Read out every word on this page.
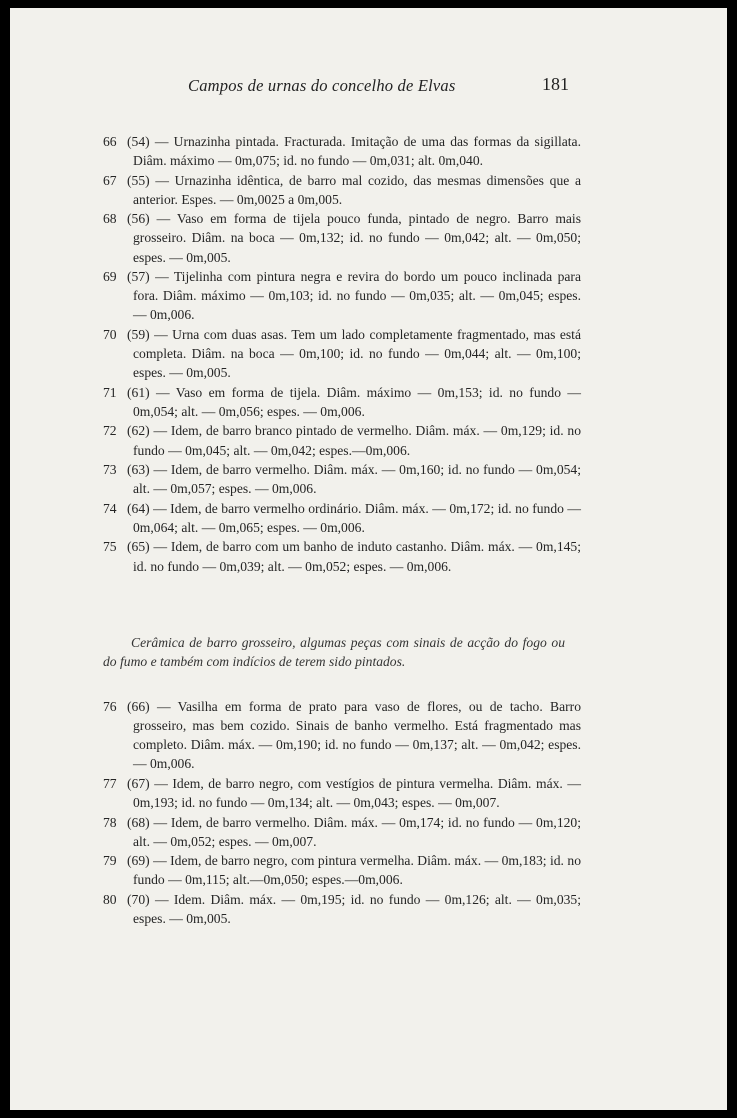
Campos de urnas do concelho de Elvas	181

66 (54) — Urnazinha pintada. Fracturada. Imitação de uma das formas da sigillata. Diâm. máximo — 0m,075; id. no fundo — 0m,031; alt. 0m,040.

67 (55) — Urnazinha idêntica, de barro mal cozido, das mesmas dimensões que a anterior. Espes. — 0m,0025 a 0m,005.

68 (56) — Vaso em forma de tijela pouco funda, pintado de negro. Barro mais grosseiro. Diâm. na boca — 0m,132; id. no fundo — 0m,042; alt. — 0m,050; espes. — 0m,005.

69 (57) — Tijelinha com pintura negra e revira do bordo um pouco inclinada para fora. Diâm. máximo — 0m,103; id. no fundo — 0m,035; alt. — 0m,045; espes. — 0m,006.

70 (59) — Urna com duas asas. Tem um lado completamente fragmentado, mas está completa. Diâm. na boca — 0m,100; id. no fundo — 0m,044; alt. — 0m,100; espes. — 0m,005.

71 (61) — Vaso em forma de tijela. Diâm. máximo — 0m,153; id. no fundo — 0m,054; alt. — 0m,056; espes. — 0m,006.

72 (62) — Idem, de barro branco pintado de vermelho. Diâm. máx. — 0m,129; id. no fundo — 0m,045; alt. — 0m,042; espes.—0m,006.

73 (63) — Idem, de barro vermelho. Diâm. máx. — 0m,160; id. no fundo — 0m,054; alt. — 0m,057; espes. — 0m,006.

74 (64) — Idem, de barro vermelho ordinário. Diâm. máx. — 0m,172; id. no fundo — 0m,064; alt. — 0m,065; espes. — 0m,006.

75 (65) — Idem, de barro com um banho de induto castanho. Diâm. máx. — 0m,145; id. no fundo — 0m,039; alt. — 0m,052; espes. — 0m,006.

Cerâmica de barro grosseiro, algumas peças com sinais de acção do fogo ou do fumo e também com indícios de terem sido pintados.

76 (66) — Vasilha em forma de prato para vaso de flores, ou de tacho. Barro grosseiro, mas bem cozido. Sinais de banho vermelho. Está fragmentado mas completo. Diâm. máx. — 0m,190; id. no fundo — 0m,137; alt. — 0m,042; espes. — 0m,006.

77 (67) — Idem, de barro negro, com vestígios de pintura vermelha. Diâm. máx. — 0m,193; id. no fundo — 0m,134; alt. — 0m,043; espes. — 0m,007.

78 (68) — Idem, de barro vermelho. Diâm. máx. — 0m,174; id. no fundo — 0m,120; alt. — 0m,052; espes. — 0m,007.

79 (69) — Idem, de barro negro, com pintura vermelha. Diâm. máx. — 0m,183; id. no fundo — 0m,115; alt.—0m,050; espes.—0m,006.

80 (70) — Idem. Diâm. máx. — 0m,195; id. no fundo — 0m,126; alt. — 0m,035; espes. — 0m,005.
